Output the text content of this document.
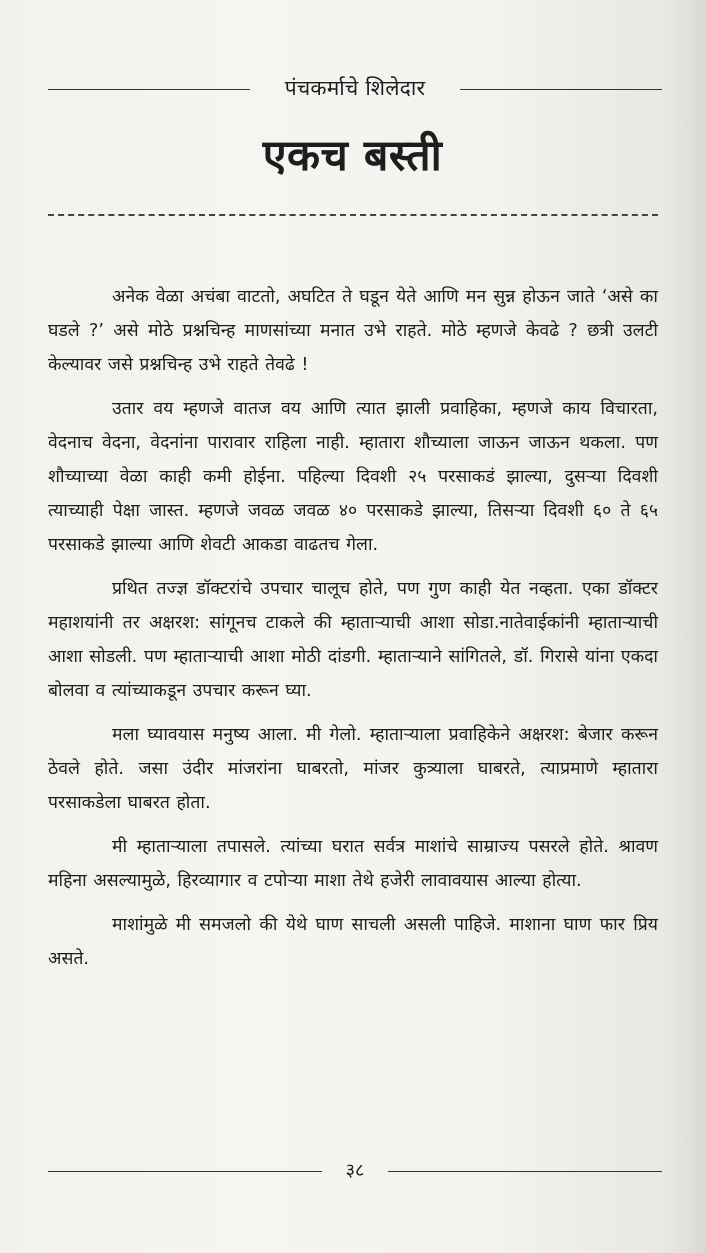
पंचकर्माचे शिलेदार
एकच बस्ती

अनेक वेळा अचंबा वाटतो, अघटित ते घडून येते आणि मन सुन्न होऊन जाते ‘असे का घडले ?’ असे मोठे प्रश्नचिन्ह माणसांच्या मनात उभे राहते. मोठे म्हणजे केवढे ? छत्री उलटी केल्यावर जसे प्रश्नचिन्ह उभे राहते तेवढे !

उतार वय म्हणजे वातज वय आणि त्यात झाली प्रवाहिका, म्हणजे काय विचारता, वेदनाच वेदना, वेदनांना पारावार राहिला नाही. म्हातारा शौच्याला जाऊन जाऊन थकला. पण शौच्याच्या वेळा काही कमी होईना. पहिल्या दिवशी २५ परसाकडं झाल्या, दुसऱ्या दिवशी त्याच्याही पेक्षा जास्त. म्हणजे जवळ जवळ ४० परसाकडे झाल्या, तिसऱ्या दिवशी ६० ते ६५ परसाकडे झाल्या आणि शेवटी आकडा वाढतच गेला.

प्रथित तज्ज्ञ डॉक्टरांचे उपचार चालूच होते, पण गुण काही येत नव्हता. एका डॉक्टर महाशयांनी तर अक्षरश: सांगूनच टाकले की म्हाताऱ्याची आशा सोडा.नातेवाईकांनी म्हाताऱ्याची आशा सोडली. पण म्हाताऱ्याची आशा मोठी दांडगी. म्हाताऱ्याने सांगितले, डॉ. गिरासे यांना एकदा बोलवा व त्यांच्याकडून उपचार करून घ्या.

मला घ्यावयास मनुष्य आला. मी गेलो. म्हाताऱ्याला प्रवाहिकेने अक्षरश: बेजार करून ठेवले होते. जसा उंदीर मांजरांना घाबरतो, मांजर कुत्र्याला घाबरते, त्याप्रमाणे म्हातारा परसाकडेला घाबरत होता.

मी म्हाताऱ्याला तपासले. त्यांच्या घरात सर्वत्र माशांचे साम्राज्य पसरले होते. श्रावण महिना असल्यामुळे, हिरव्यागार व टपोऱ्या माशा तेथे हजेरी लावावयास आल्या होत्या.

माशांमुळे मी समजलो की येथे घाण साचली असली पाहिजे. माशाना घाण फार प्रिय असते.

३८
